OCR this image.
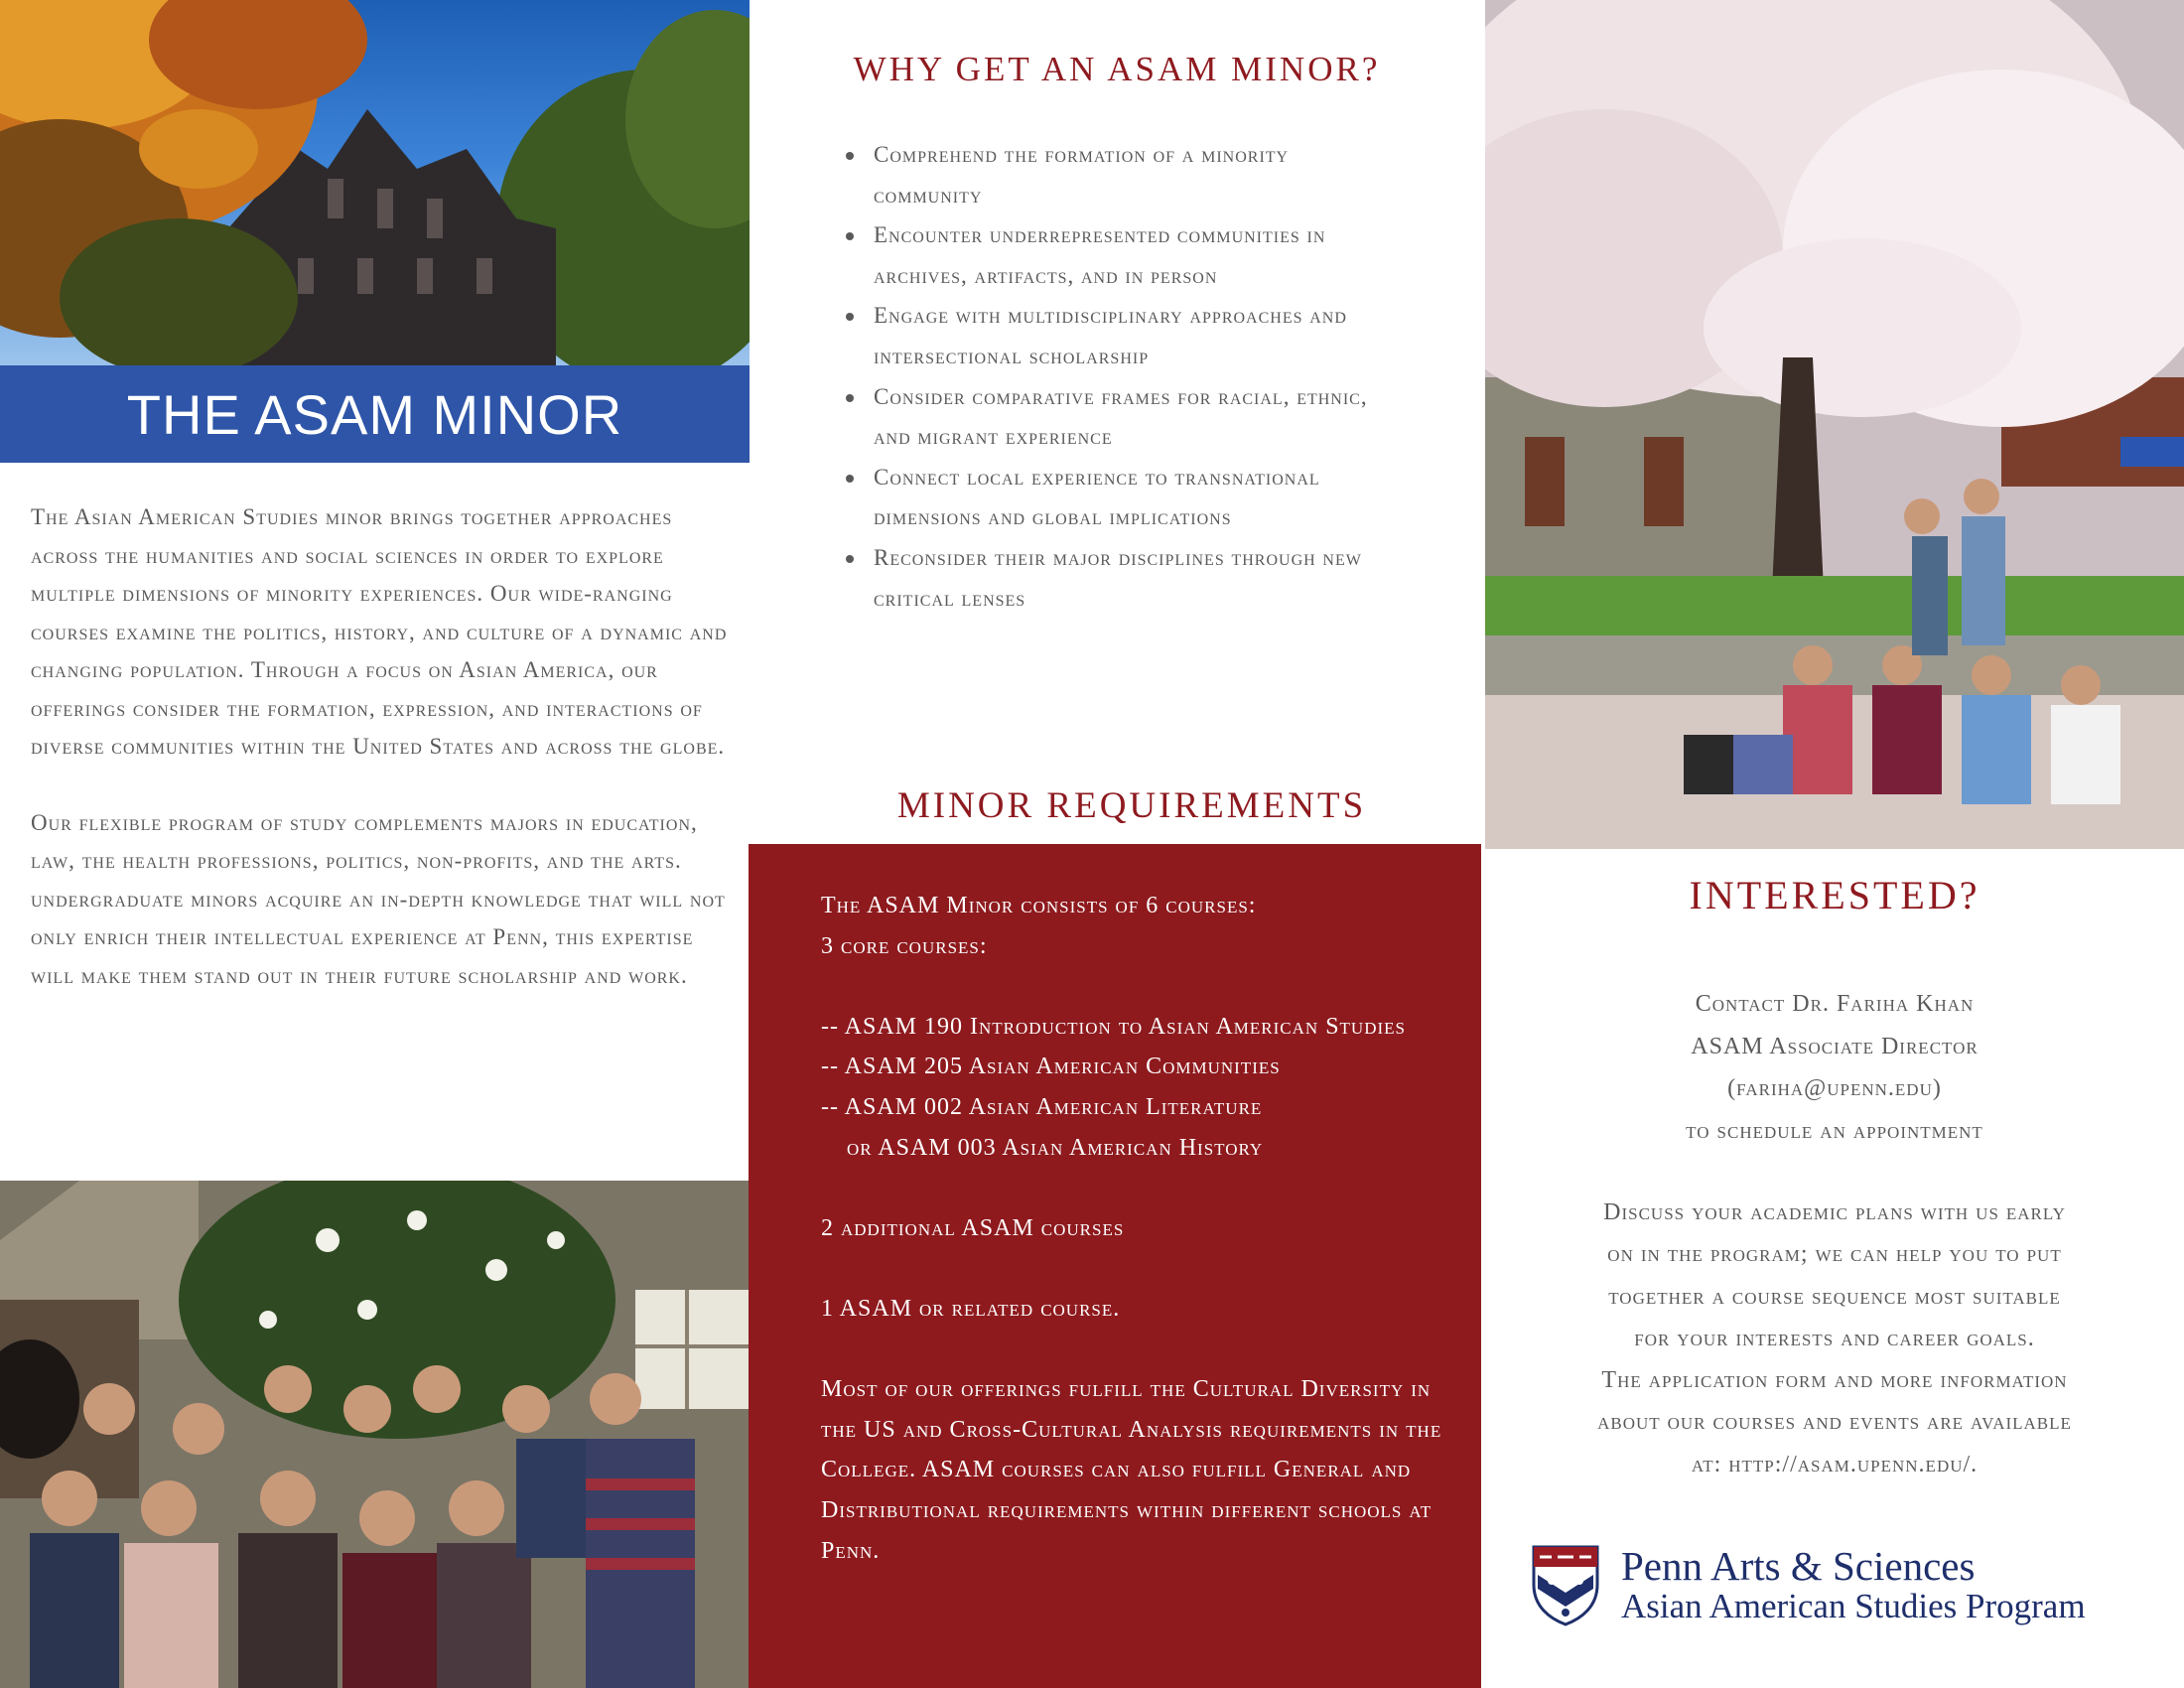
THE ASAM MINOR

The Asian American Studies minor brings together approaches across the humanities and social sciences in order to explore multiple dimensions of minority experiences. Our wide-ranging courses examine the politics, history, and culture of a dynamic and changing population. Through a focus on Asian America, our offerings consider the formation, expression, and interactions of diverse communities within the United States and across the globe.

Our flexible program of study complements majors in education, law, the health professions, politics, non-profits, and the arts. undergraduate minors acquire an in-depth knowledge that will not only enrich their intellectual experience at Penn, this expertise will make them stand out in their future scholarship and work.

WHY GET AN ASAM MINOR?
Comprehend the formation of a minority community
Encounter underrepresented communities in archives, artifacts, and in person
Engage with multidisciplinary approaches and intersectional scholarship
Consider comparative frames for racial, ethnic, and migrant experience
Connect local experience to transnational dimensions and global implications
Reconsider their major disciplines through new critical lenses
MINOR REQUIREMENTS
The ASAM Minor consists of 6 courses:
3 core courses:
-- ASAM 190 Introduction to Asian American Studies
-- ASAM 205 Asian American Communities
-- ASAM 002 Asian American Literature
or ASAM 003 Asian American History
2 additional ASAM courses
1 ASAM or related course.
Most of our offerings fulfill the Cultural Diversity in the US and Cross-Cultural Analysis requirements in the College. ASAM courses can also fulfill General and Distributional requirements within different schools at Penn.
INTERESTED?
Contact Dr. Fariha Khan
ASAM Associate Director
(fariha@upenn.edu)
to schedule an appointment
Discuss your academic plans with us early
on in the program; we can help you to put
together a course sequence most suitable
for your interests and career goals.
The application form and more information
about our courses and events are available
at: http://asam.upenn.edu/.
Penn Arts & Sciences
Asian American Studies Program
